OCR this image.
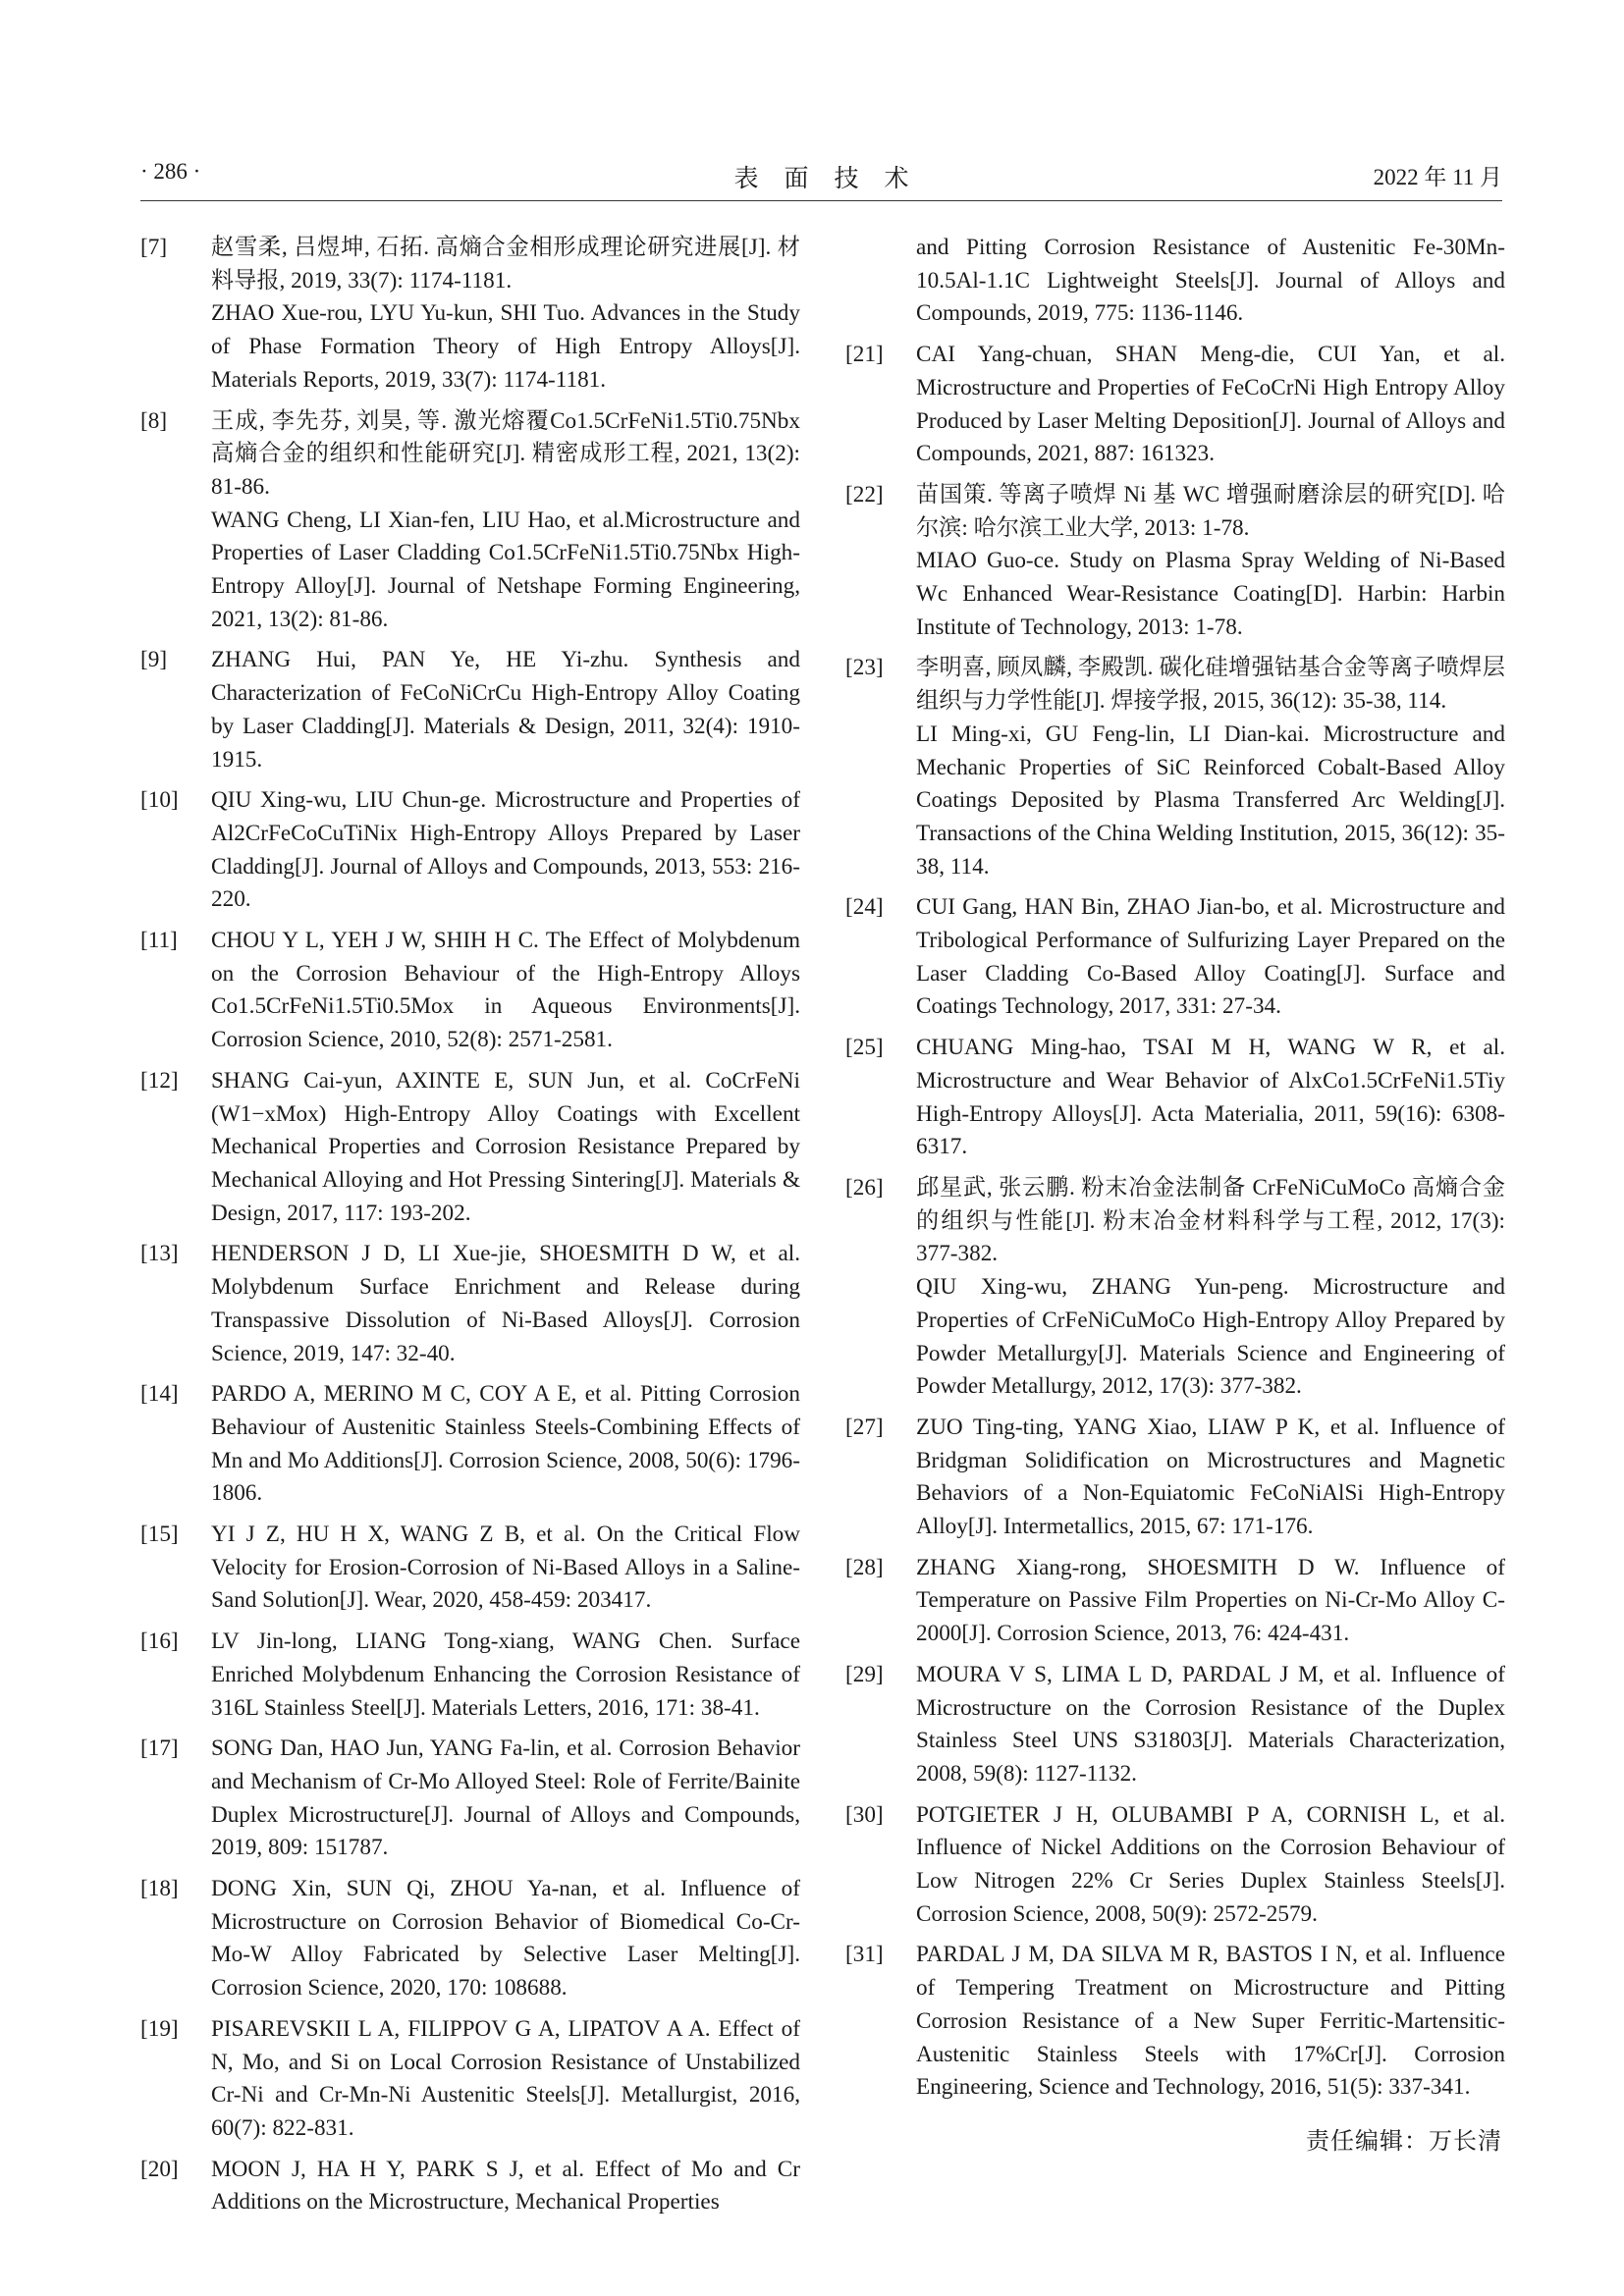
· 286 ·	表面技术	2022 年 11 月
[7] 赵雪柔, 吕煜坤, 石拓. 高熵合金相形成理论研究进展[J]. 材料导报, 2019, 33(7): 1174-1181.

ZHAO Xue-rou, LYU Yu-kun, SHI Tuo. Advances in the Study of Phase Formation Theory of High Entropy Alloys[J]. Materials Reports, 2019, 33(7): 1174-1181.

[8] 王成, 李先芬, 刘昊, 等. 激光熔覆Co1.5CrFeNi1.5Ti0.75Nbx高熵合金的组织和性能研究[J]. 精密成形工程, 2021, 13(2): 81-86.

WANG Cheng, LI Xian-fen, LIU Hao, et al.Microstructure and Properties of Laser Cladding Co1.5CrFeNi1.5Ti0.75Nbx High-Entropy Alloy[J]. Journal of Netshape Forming Engineering, 2021, 13(2): 81-86.

[9] ZHANG Hui, PAN Ye, HE Yi-zhu. Synthesis and Characterization of FeCoNiCrCu High-Entropy Alloy Coating by Laser Cladding[J]. Materials & Design, 2011, 32(4): 1910-1915.

[10] QIU Xing-wu, LIU Chun-ge. Microstructure and Properties of Al2CrFeCoCuTiNix High-Entropy Alloys Prepared by Laser Cladding[J]. Journal of Alloys and Compounds, 2013, 553: 216-220.

[11] CHOU Y L, YEH J W, SHIH H C. The Effect of Molybdenum on the Corrosion Behaviour of the High-Entropy Alloys Co1.5CrFeNi1.5Ti0.5Mox in Aqueous Environments[J]. Corrosion Science, 2010, 52(8): 2571-2581.

[12] SHANG Cai-yun, AXINTE E, SUN Jun, et al. CoCrFeNi (W1−xMox) High-Entropy Alloy Coatings with Excellent Mechanical Properties and Corrosion Resistance Prepared by Mechanical Alloying and Hot Pressing Sintering[J]. Materials & Design, 2017, 117: 193-202.

[13] HENDERSON J D, LI Xue-jie, SHOESMITH D W, et al. Molybdenum Surface Enrichment and Release during Transpassive Dissolution of Ni-Based Alloys[J]. Corrosion Science, 2019, 147: 32-40.

[14] PARDO A, MERINO M C, COY A E, et al. Pitting Corrosion Behaviour of Austenitic Stainless Steels-Combining Effects of Mn and Mo Additions[J]. Corrosion Science, 2008, 50(6): 1796-1806.

[15] YI J Z, HU H X, WANG Z B, et al. On the Critical Flow Velocity for Erosion-Corrosion of Ni-Based Alloys in a Saline-Sand Solution[J]. Wear, 2020, 458-459: 203417.

[16] LV Jin-long, LIANG Tong-xiang, WANG Chen. Surface Enriched Molybdenum Enhancing the Corrosion Resistance of 316L Stainless Steel[J]. Materials Letters, 2016, 171: 38-41.

[17] SONG Dan, HAO Jun, YANG Fa-lin, et al. Corrosion Behavior and Mechanism of Cr-Mo Alloyed Steel: Role of Ferrite/Bainite Duplex Microstructure[J]. Journal of Alloys and Compounds, 2019, 809: 151787.

[18] DONG Xin, SUN Qi, ZHOU Ya-nan, et al. Influence of Microstructure on Corrosion Behavior of Biomedical Co-Cr-Mo-W Alloy Fabricated by Selective Laser Melting[J]. Corrosion Science, 2020, 170: 108688.

[19] PISAREVSKII L A, FILIPPOV G A, LIPATOV A A. Effect of N, Mo, and Si on Local Corrosion Resistance of Unstabilized Cr-Ni and Cr-Mn-Ni Austenitic Steels[J]. Metallurgist, 2016, 60(7): 822-831.

[20] MOON J, HA H Y, PARK S J, et al. Effect of Mo and Cr Additions on the Microstructure, Mechanical Properties

and Pitting Corrosion Resistance of Austenitic Fe-30Mn-10.5Al-1.1C Lightweight Steels[J]. Journal of Alloys and Compounds, 2019, 775: 1136-1146.

[21] CAI Yang-chuan, SHAN Meng-die, CUI Yan, et al. Microstructure and Properties of FeCoCrNi High Entropy Alloy Produced by Laser Melting Deposition[J]. Journal of Alloys and Compounds, 2021, 887: 161323.

[22] 苗国策. 等离子喷焊 Ni 基 WC 增强耐磨涂层的研究[D]. 哈尔滨: 哈尔滨工业大学, 2013: 1-78.

MIAO Guo-ce. Study on Plasma Spray Welding of Ni-Based Wc Enhanced Wear-Resistance Coating[D]. Harbin: Harbin Institute of Technology, 2013: 1-78.

[23] 李明喜, 顾凤麟, 李殿凯. 碳化硅增强钴基合金等离子喷焊层组织与力学性能[J]. 焊接学报, 2015, 36(12): 35-38, 114.

LI Ming-xi, GU Feng-lin, LI Dian-kai. Microstructure and Mechanic Properties of SiC Reinforced Cobalt-Based Alloy Coatings Deposited by Plasma Transferred Arc Welding[J]. Transactions of the China Welding Institution, 2015, 36(12): 35-38, 114.

[24] CUI Gang, HAN Bin, ZHAO Jian-bo, et al. Microstructure and Tribological Performance of Sulfurizing Layer Prepared on the Laser Cladding Co-Based Alloy Coating[J]. Surface and Coatings Technology, 2017, 331: 27-34.

[25] CHUANG Ming-hao, TSAI M H, WANG W R, et al. Microstructure and Wear Behavior of AlxCo1.5CrFeNi1.5Tiy High-Entropy Alloys[J]. Acta Materialia, 2011, 59(16): 6308-6317.

[26] 邱星武, 张云鹏. 粉末冶金法制备 CrFeNiCuMoCo 高熵合金的组织与性能[J]. 粉末冶金材料科学与工程, 2012, 17(3): 377-382.

QIU Xing-wu, ZHANG Yun-peng. Microstructure and Properties of CrFeNiCuMoCo High-Entropy Alloy Prepared by Powder Metallurgy[J]. Materials Science and Engineering of Powder Metallurgy, 2012, 17(3): 377-382.

[27] ZUO Ting-ting, YANG Xiao, LIAW P K, et al. Influence of Bridgman Solidification on Microstructures and Magnetic Behaviors of a Non-Equiatomic FeCoNiAlSi High-Entropy Alloy[J]. Intermetallics, 2015, 67: 171-176.

[28] ZHANG Xiang-rong, SHOESMITH D W. Influence of Temperature on Passive Film Properties on Ni-Cr-Mo Alloy C-2000[J]. Corrosion Science, 2013, 76: 424-431.

[29] MOURA V S, LIMA L D, PARDAL J M, et al. Influence of Microstructure on the Corrosion Resistance of the Duplex Stainless Steel UNS S31803[J]. Materials Characterization, 2008, 59(8): 1127-1132.

[30] POTGIETER J H, OLUBAMBI P A, CORNISH L, et al. Influence of Nickel Additions on the Corrosion Behaviour of Low Nitrogen 22% Cr Series Duplex Stainless Steels[J]. Corrosion Science, 2008, 50(9): 2572-2579.

[31] PARDAL J M, DA SILVA M R, BASTOS I N, et al. Influence of Tempering Treatment on Microstructure and Pitting Corrosion Resistance of a New Super Ferritic-Martensitic-Austenitic Stainless Steels with 17%Cr[J]. Corrosion Engineering, Science and Technology, 2016, 51(5): 337-341.

责任编辑：万长清
